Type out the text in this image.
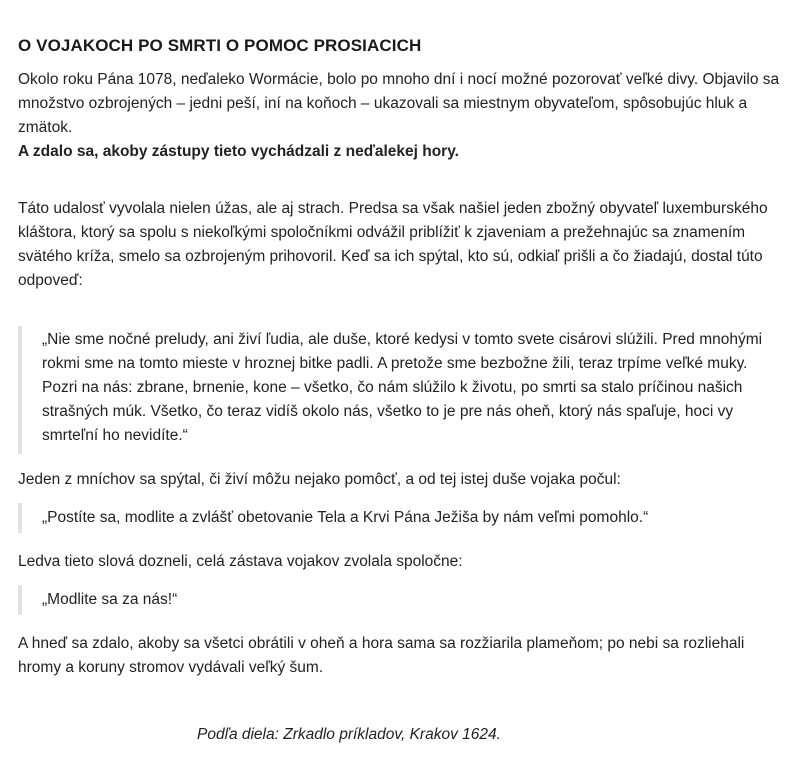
O VOJAKOCH PO SMRTI O POMOC PROSIACICH

Okolo roku Pána 1078, neďaleko Wormácie, bolo po mnoho dní i nocí možné pozorovať veľké divy. Objavilo sa množstvo ozbrojených – jedni peší, iní na koňoch – ukazovali sa miestnym obyvateľom, spôsobujúc hluk a zmätok.
A zdalo sa, akoby zástupy tieto vychádzali z neďalekej hory.

Táto udalosť vyvolala nielen úžas, ale aj strach. Predsa sa však našiel jeden zbožný obyvateľ luxemburského kláštora, ktorý sa spolu s niekoľkými spoločníkmi odvážil priblížiť k zjaveniam a prežehnajúc sa znamením svätého kríža, smelo sa ozbrojeným prihovoril. Keď sa ich spýtal, kto sú, odkiaľ prišli a čo žiadajú, dostal túto odpoveď:

„Nie sme nočné preludy, ani živí ľudia, ale duše, ktoré kedysi v tomto svete cisárovi slúžili. Pred mnohými rokmi sme na tomto mieste v hroznej bitke padli. A pretože sme bezbožne žili, teraz trpíme veľké muky. Pozri na nás: zbrane, brnenie, kone – všetko, čo nám slúžilo k životu, po smrti sa stalo príčinou našich strašných múk. Všetko, čo teraz vidíš okolo nás, všetko to je pre nás oheň, ktorý nás spaľuje, hoci vy smrteľní ho nevidíte.“

Jeden z mníchov sa spýtal, či živí môžu nejako pomôcť, a od tej istej duše vojaka počul:

„Postíte sa, modlite a zvlášť obetovanie Tela a Krvi Pána Ježiša by nám veľmi pomohlo.“

Ledva tieto slová dozneli, celá zástava vojakov zvolala spoločne:

„Modlite sa za nás!“

A hneď sa zdalo, akoby sa všetci obrátili v oheň a hora sama sa rozžiarila plameňom; po nebi sa rozliehali hromy a koruny stromov vydávali veľký šum.

Podľa diela: Zrkadlo príkladov, Krakov 1624.
